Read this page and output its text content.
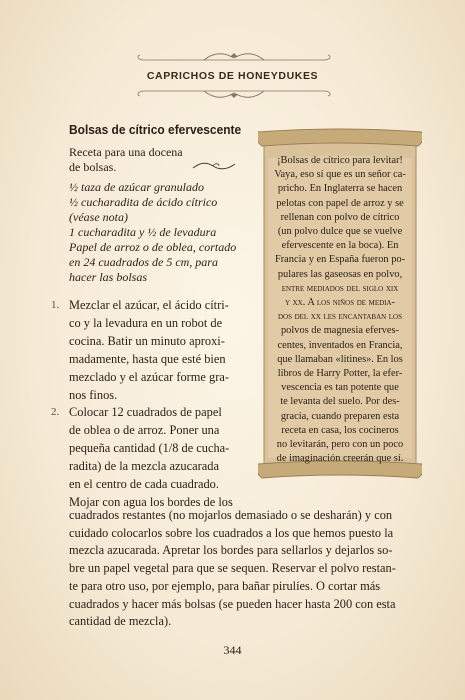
CAPRICHOS DE HONEYDUKES
Bolsas de cítrico efervescente
Receta para una docena
de bolsas.

½ taza de azúcar granulado

½ cucharadita de ácido cítrico
(véase nota)

1 cucharadita y ½ de levadura

Papel de arroz o de oblea, cortado
en 24 cuadrados de 5 cm, para
hacer las bolsas

1. Mezclar el azúcar, el ácido cítri-
co y la levadura en un robot de
cocina. Batir un minuto aproxi-
madamente, hasta que esté bien
mezclado y el azúcar forme gra-
nos finos.
2. Colocar 12 cuadrados de papel
de oblea o de arroz. Poner una
pequeña cantidad (1/8 de cucha-
radita) de la mezcla azucarada
en el centro de cada cuadrado.
Mojar con agua los bordes de los
cuadrados restantes (no mojarlos demasiado o se desharán) y con
cuidado colocarlos sobre los cuadrados a los que hemos puesto la
mezcla azucarada. Apretar los bordes para sellarlos y dejarlos so-
bre un papel vegetal para que se sequen. Reservar el polvo restan-
te para otro uso, por ejemplo, para bañar pirulíes. O cortar más
cuadrados y hacer más bolsas (se pueden hacer hasta 200 con esta
cantidad de mezcla).
¡Bolsas de cítrico para levitar!
Vaya, eso sí que es un señor ca-
pricho. En Inglaterra se hacen
pelotas con papel de arroz y se
rellenan con polvo de cítrico
(un polvo dulce que se vuelve
efervescente en la boca). En
Francia y en España fueron po-
pulares las gaseosas en polvo,
entre mediados del siglo xix
y xx. A los niños de media-
dos del xx les encantaban los
polvos de magnesia eferves-
centes, inventados en Francia,
que llamaban «litines». En los
libros de Harry Potter, la efer-
vescencia es tan potente que
te levanta del suelo. Por des-
gracia, cuando preparen esta
receta en casa, los cocineros
no levitarán, pero con un poco
de imaginación creerán que sí.
344
